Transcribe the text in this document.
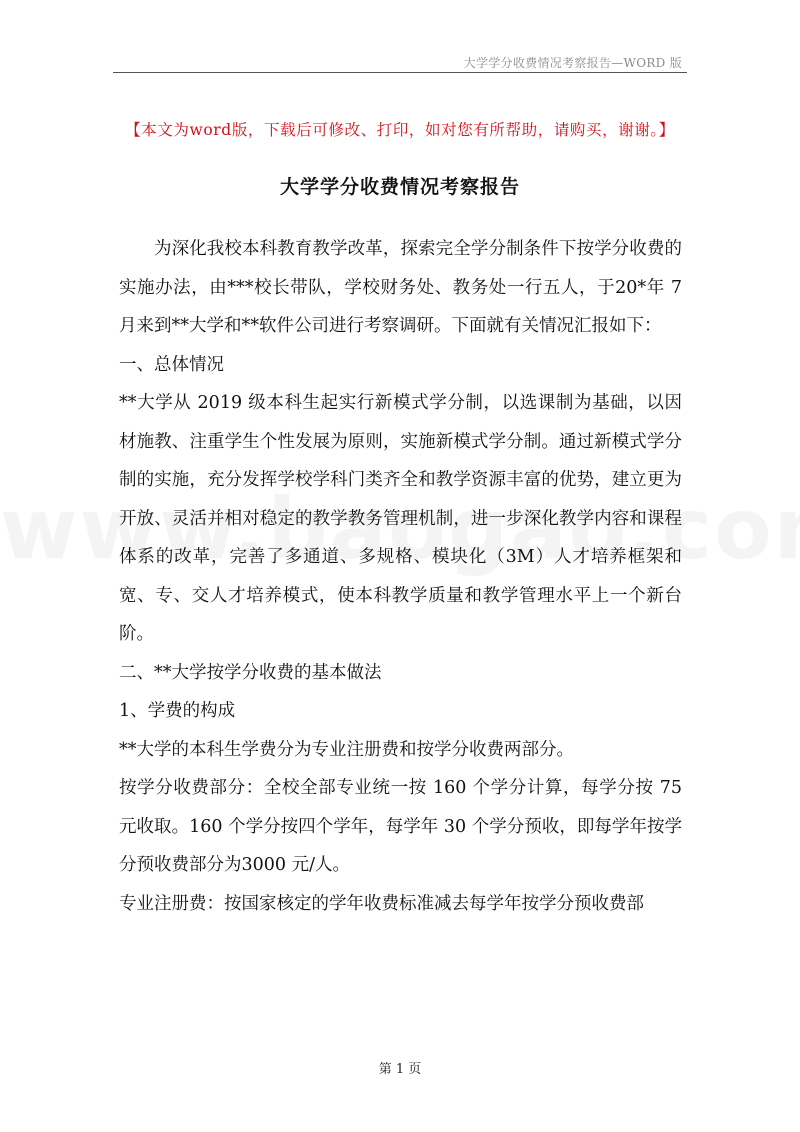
大学学分收费情况考察报告—WORD 版
【本文为word版，下载后可修改、打印，如对您有所帮助，请购买，谢谢。】
大学学分收费情况考察报告

为深化我校本科教育教学改革，探索完全学分制条件下按学分收费的实施办法，由***校长带队，学校财务处、教务处一行五人，于20*年 7 月来到**大学和**软件公司进行考察调研。下面就有关情况汇报如下：

一、总体情况

**大学从 2019 级本科生起实行新模式学分制，以选课制为基础，以因材施教、注重学生个性发展为原则，实施新模式学分制。通过新模式学分制的实施，充分发挥学校学科门类齐全和教学资源丰富的优势，建立更为开放、灵活并相对稳定的教学教务管理机制，进一步深化教学内容和课程体系的改革，完善了多通道、多规格、模块化（3M）人才培养框架和宽、专、交人才培养模式，使本科教学质量和教学管理水平上一个新台阶。

二、**大学按学分收费的基本做法

1、学费的构成

**大学的本科生学费分为专业注册费和按学分收费两部分。

按学分收费部分：全校全部专业统一按 160 个学分计算，每学分按 75 元收取。160 个学分按四个学年，每学年 30 个学分预收，即每学年按学分预收费部分为3000 元/人。

专业注册费：按国家核定的学年收费标准减去每学年按学分预收费部

第 1 页
